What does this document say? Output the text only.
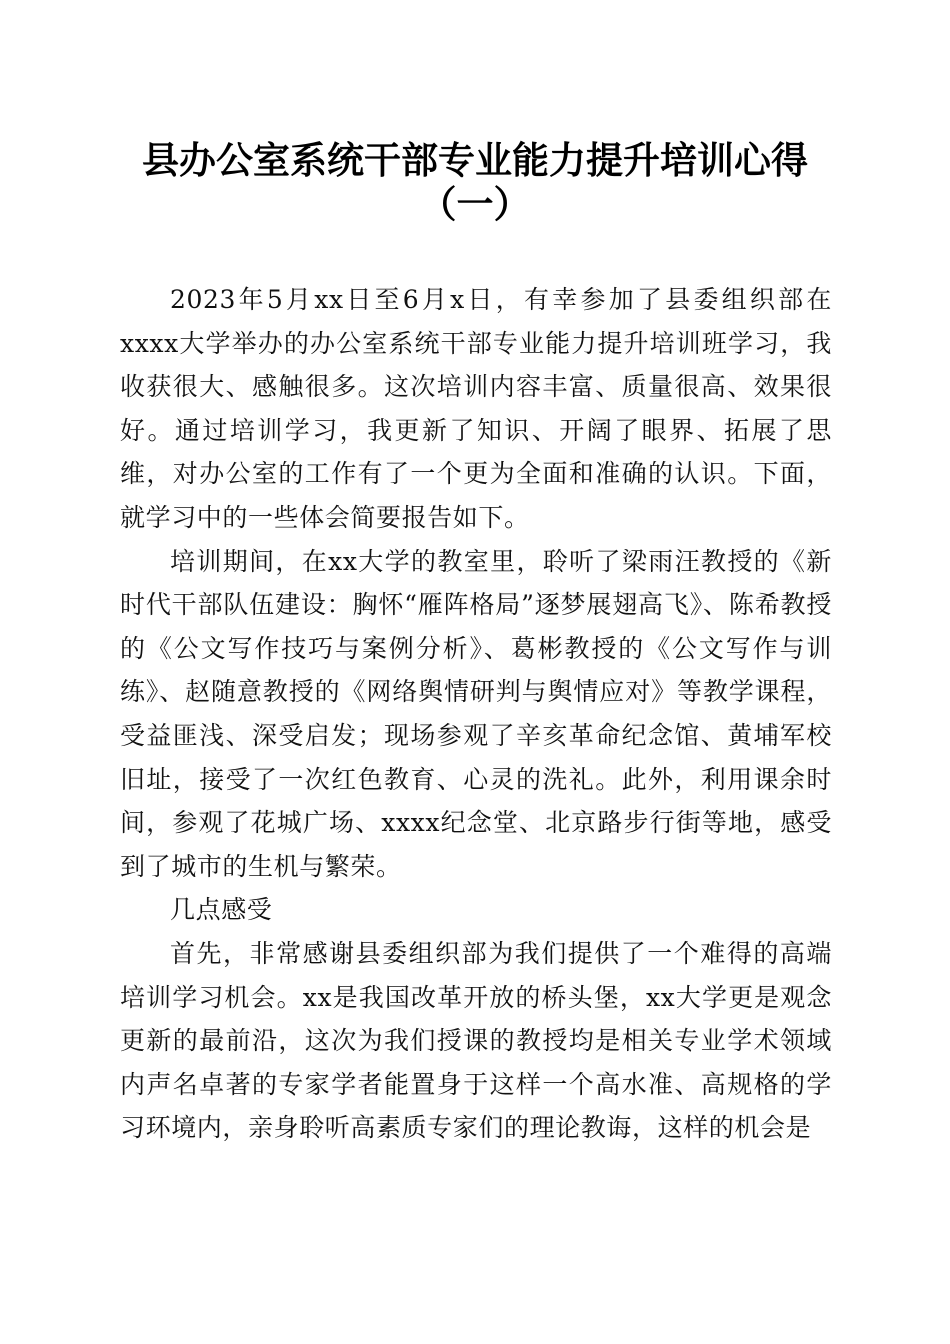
县办公室系统干部专业能力提升培训心得
（一）

2023年5月xx日至6月x日，有幸参加了县委组织部在xxxx大学举办的办公室系统干部专业能力提升培训班学习，我收获很大、感触很多。这次培训内容丰富、质量很高、效果很好。通过培训学习，我更新了知识、开阔了眼界、拓展了思维，对办公室的工作有了一个更为全面和准确的认识。下面，就学习中的一些体会简要报告如下。

培训期间，在xx大学的教室里，聆听了梁雨汪教授的《新时代干部队伍建设：胸怀“雁阵格局”逐梦展翅高飞》、陈希教授的《公文写作技巧与案例分析》、葛彬教授的《公文写作与训练》、赵随意教授的《网络舆情研判与舆情应对》等教学课程，受益匪浅、深受启发；现场参观了辛亥革命纪念馆、黄埔军校旧址，接受了一次红色教育、心灵的洗礼。此外，利用课余时间，参观了花城广场、xxxx纪念堂、北京路步行街等地，感受到了城市的生机与繁荣。

几点感受

首先，非常感谢县委组织部为我们提供了一个难得的高端培训学习机会。xx是我国改革开放的桥头堡，xx大学更是观念更新的最前沿，这次为我们授课的教授均是相关专业学术领域内声名卓著的专家学者能置身于这样一个高水准、高规格的学习环境内，亲身聆听高素质专家们的理论教诲，这样的机会是
